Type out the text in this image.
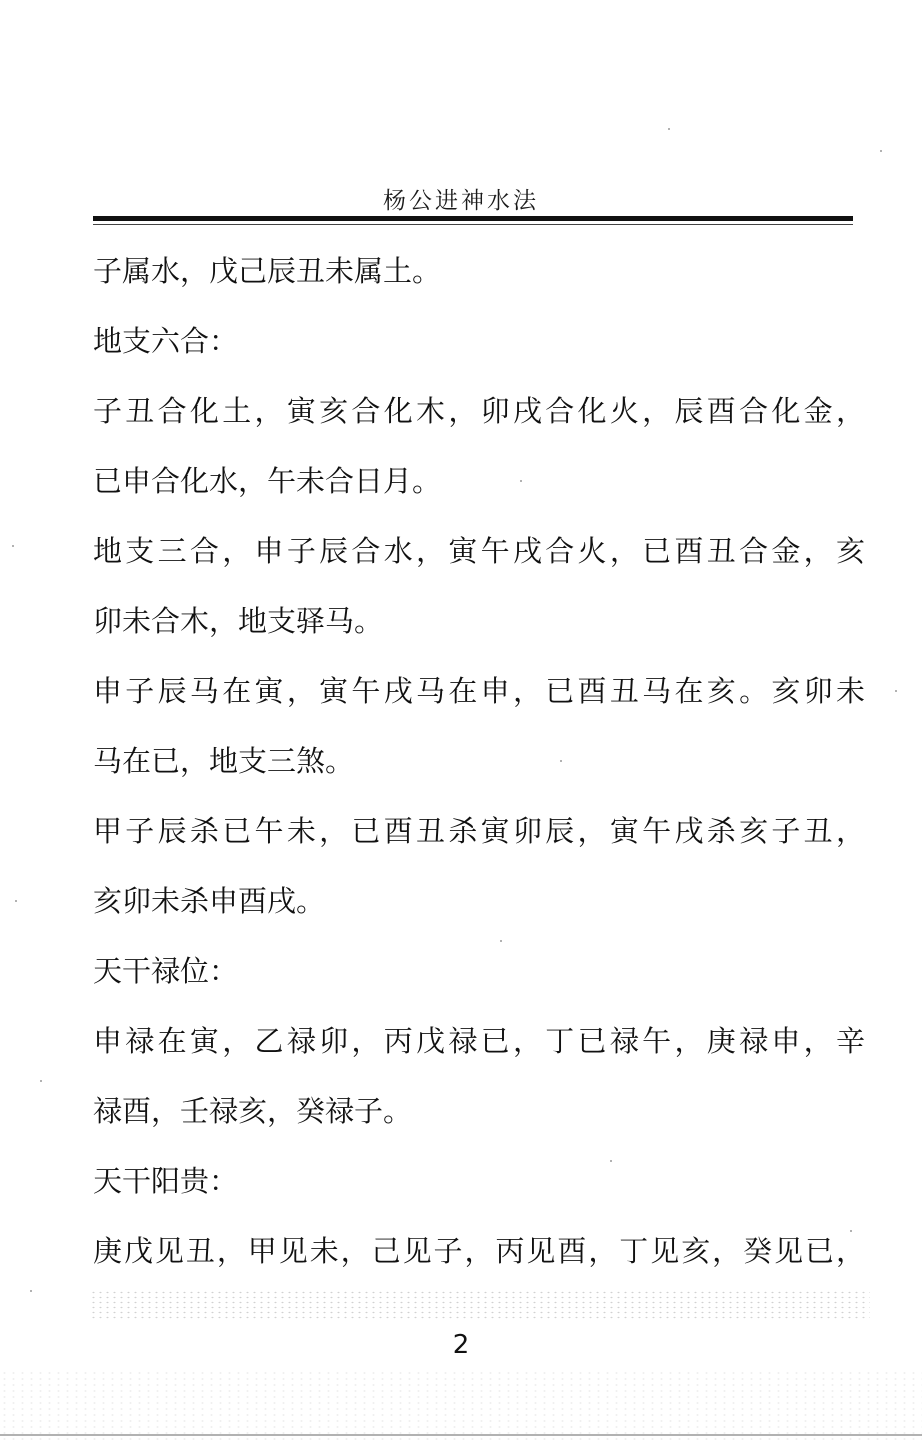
杨公进神水法
子属水，戊己辰丑未属土。
地支六合：
子丑合化土，寅亥合化木，卯戌合化火，辰酉合化金，
已申合化水，午未合日月。
地支三合，申子辰合水，寅午戌合火，已酉丑合金，亥
卯未合木，地支驿马。
申子辰马在寅，寅午戌马在申，已酉丑马在亥。亥卯未
马在已，地支三煞。
甲子辰杀已午未，已酉丑杀寅卯辰，寅午戌杀亥子丑，
亥卯未杀申酉戌。
天干禄位：
申禄在寅，乙禄卯，丙戊禄已，丁已禄午，庚禄申，辛
禄酉，壬禄亥，癸禄子。
天干阳贵：
庚戊见丑，甲见未，己见子，丙见酉，丁见亥，癸见已，
2
